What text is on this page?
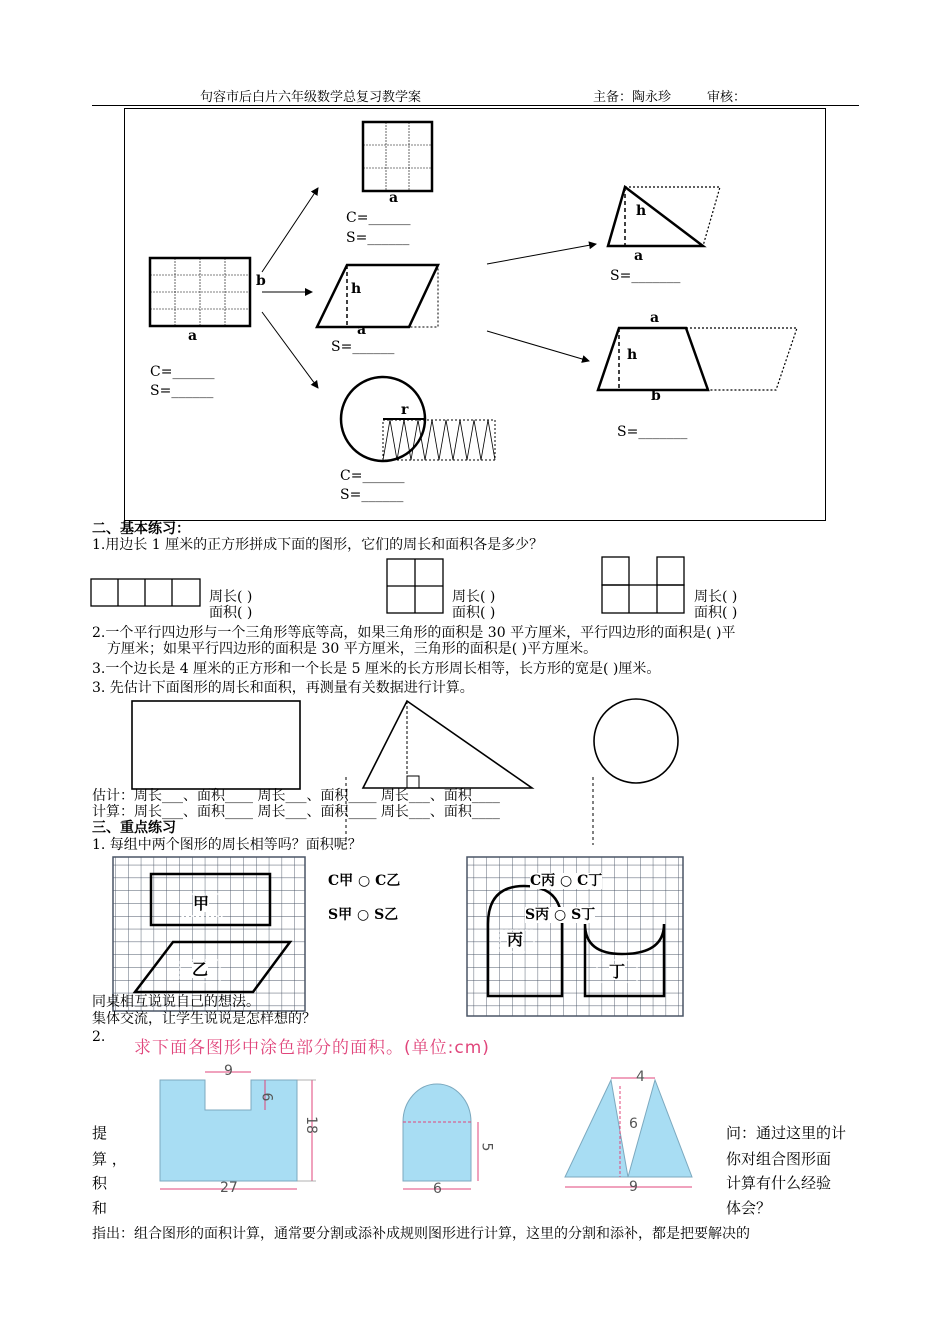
句容市后白片六年级数学总复习教学案	主备：陶永珍	审核：
a
b
C=______
S=______
a
C=______
S=______
h
a
S=______
r
C=______
S=______
h
a
S=_______
a
h
b
S=_______
二、基本练习：
1.用边长 1 厘米的正方形拼成下面的图形，它们的周长和面积各是多少？
周长( )
面积( )
周长( )
面积( )
周长( )
面积( )
2.一个平行四边形与一个三角形等底等高，如果三角形的面积是 30 平方厘米，平行四边形的面积是( )平
方厘米；如果平行四边形的面积是 30 平方厘米，三角形的面积是( )平方厘米。
3.一个边长是 4 厘米的正方形和一个长是 5 厘米的长方形周长相等，长方形的宽是( )厘米。
3. 先估计下面图形的周长和面积，再测量有关数据进行计算。
估计：周长___、面积____ 周长___、面积____ 周长___、面积____
计算：周长___、面积____ 周长___、面积____ 周长___、面积____
三、重点练习
1. 每组中两个图形的周长相等吗？面积呢？
甲
乙
丙
丁
C甲 ○ C乙
S甲 ○ S乙
C丙 ○ C丁
S丙 ○ S丁
同桌相互说说自己的想法。
集体交流，让学生说说是怎样想的？
2.
求下面各图形中涂色部分的面积。(单位:cm)
9
6
18
27
5
6
4
6
9
提
算 ，
积
和
问：通过这里的计
你对组合图形面
计算有什么经验
体会？
指出：组合图形的面积计算，通常要分割或添补成规则图形进行计算，这里的分割和添补，都是把要解决的
